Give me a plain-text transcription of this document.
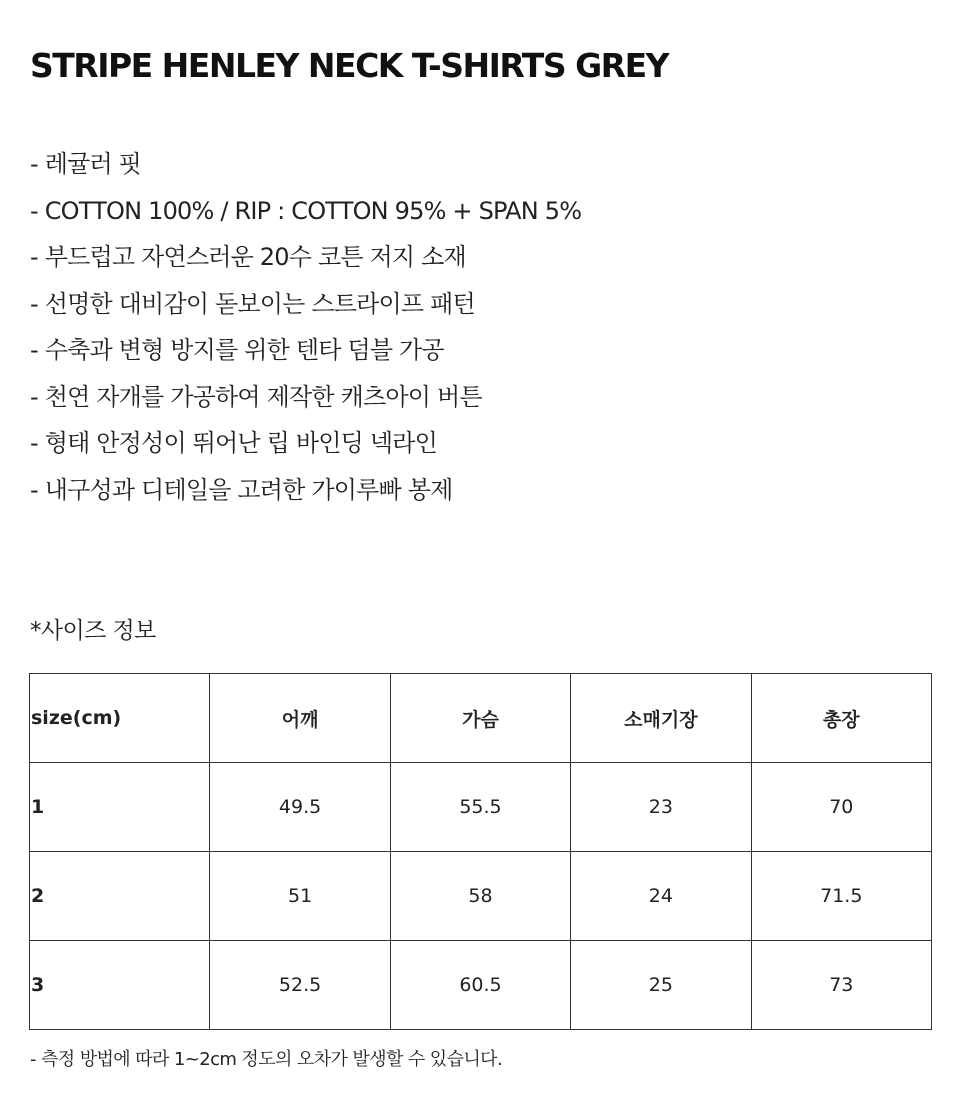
STRIPE HENLEY NECK T-SHIRTS GREY
- 레귤러 핏
- COTTON 100% / RIP : COTTON 95% + SPAN 5%
- 부드럽고 자연스러운 20수 코튼 저지 소재
- 선명한 대비감이 돋보이는 스트라이프 패턴
- 수축과 변형 방지를 위한 텐타 덤블 가공
- 천연 자개를 가공하여 제작한 캐츠아이 버튼
- 형태 안정성이 뛰어난 립 바인딩 넥라인
- 내구성과 디테일을 고려한 가이루빠 봉제
*사이즈 정보
size(cm)	어깨	가슴	소매기장	총장
1	49.5	55.5	23	70
2	51	58	24	71.5
3	52.5	60.5	25	73
- 측정 방법에 따라 1~2cm 정도의 오차가 발생할 수 있습니다.
